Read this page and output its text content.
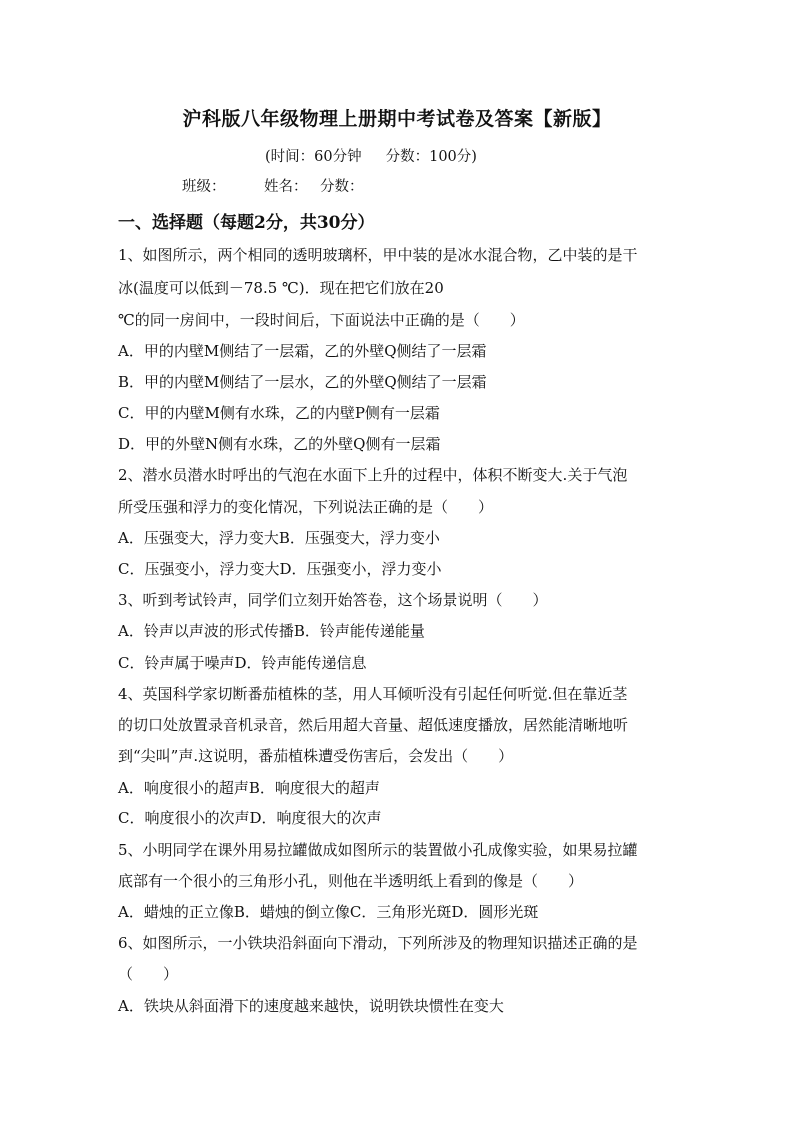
沪科版八年级物理上册期中考试卷及答案【新版】
(时间：60分钟 分数：100分)
班级：	姓名： 分数：
一、选择题（每题2分，共30分）
1、如图所示，两个相同的透明玻璃杯，甲中装的是冰水混合物，乙中装的是干
冰(温度可以低到－78.5 ℃)．现在把它们放在20
℃的同一房间中，一段时间后，下面说法中正确的是（　　）
A．甲的内壁M侧结了一层霜，乙的外壁Q侧结了一层霜
B．甲的内壁M侧结了一层水，乙的外壁Q侧结了一层霜
C．甲的内壁M侧有水珠，乙的内壁P侧有一层霜
D．甲的外壁N侧有水珠，乙的外壁Q侧有一层霜
2、潜水员潜水时呼出的气泡在水面下上升的过程中，体积不断变大.关于气泡
所受压强和浮力的变化情况，下列说法正确的是（　　）
A．压强变大，浮力变大B．压强变大，浮力变小
C．压强变小，浮力变大D．压强变小，浮力变小
3、听到考试铃声，同学们立刻开始答卷，这个场景说明（　　）
A．铃声以声波的形式传播B．铃声能传递能量
C．铃声属于噪声D．铃声能传递信息
4、英国科学家切断番茄植株的茎，用人耳倾听没有引起任何听觉.但在靠近茎
的切口处放置录音机录音，然后用超大音量、超低速度播放，居然能清晰地听
到“尖叫”声.这说明，番茄植株遭受伤害后，会发出（　　）
A．响度很小的超声B．响度很大的超声
C．响度很小的次声D．响度很大的次声
5、小明同学在课外用易拉罐做成如图所示的装置做小孔成像实验，如果易拉罐
底部有一个很小的三角形小孔，则他在半透明纸上看到的像是（　　）
A．蜡烛的正立像B．蜡烛的倒立像C．三角形光斑D．圆形光斑
6、如图所示，一小铁块沿斜面向下滑动，下列所涉及的物理知识描述正确的是
（　　）
A．铁块从斜面滑下的速度越来越快，说明铁块惯性在变大
